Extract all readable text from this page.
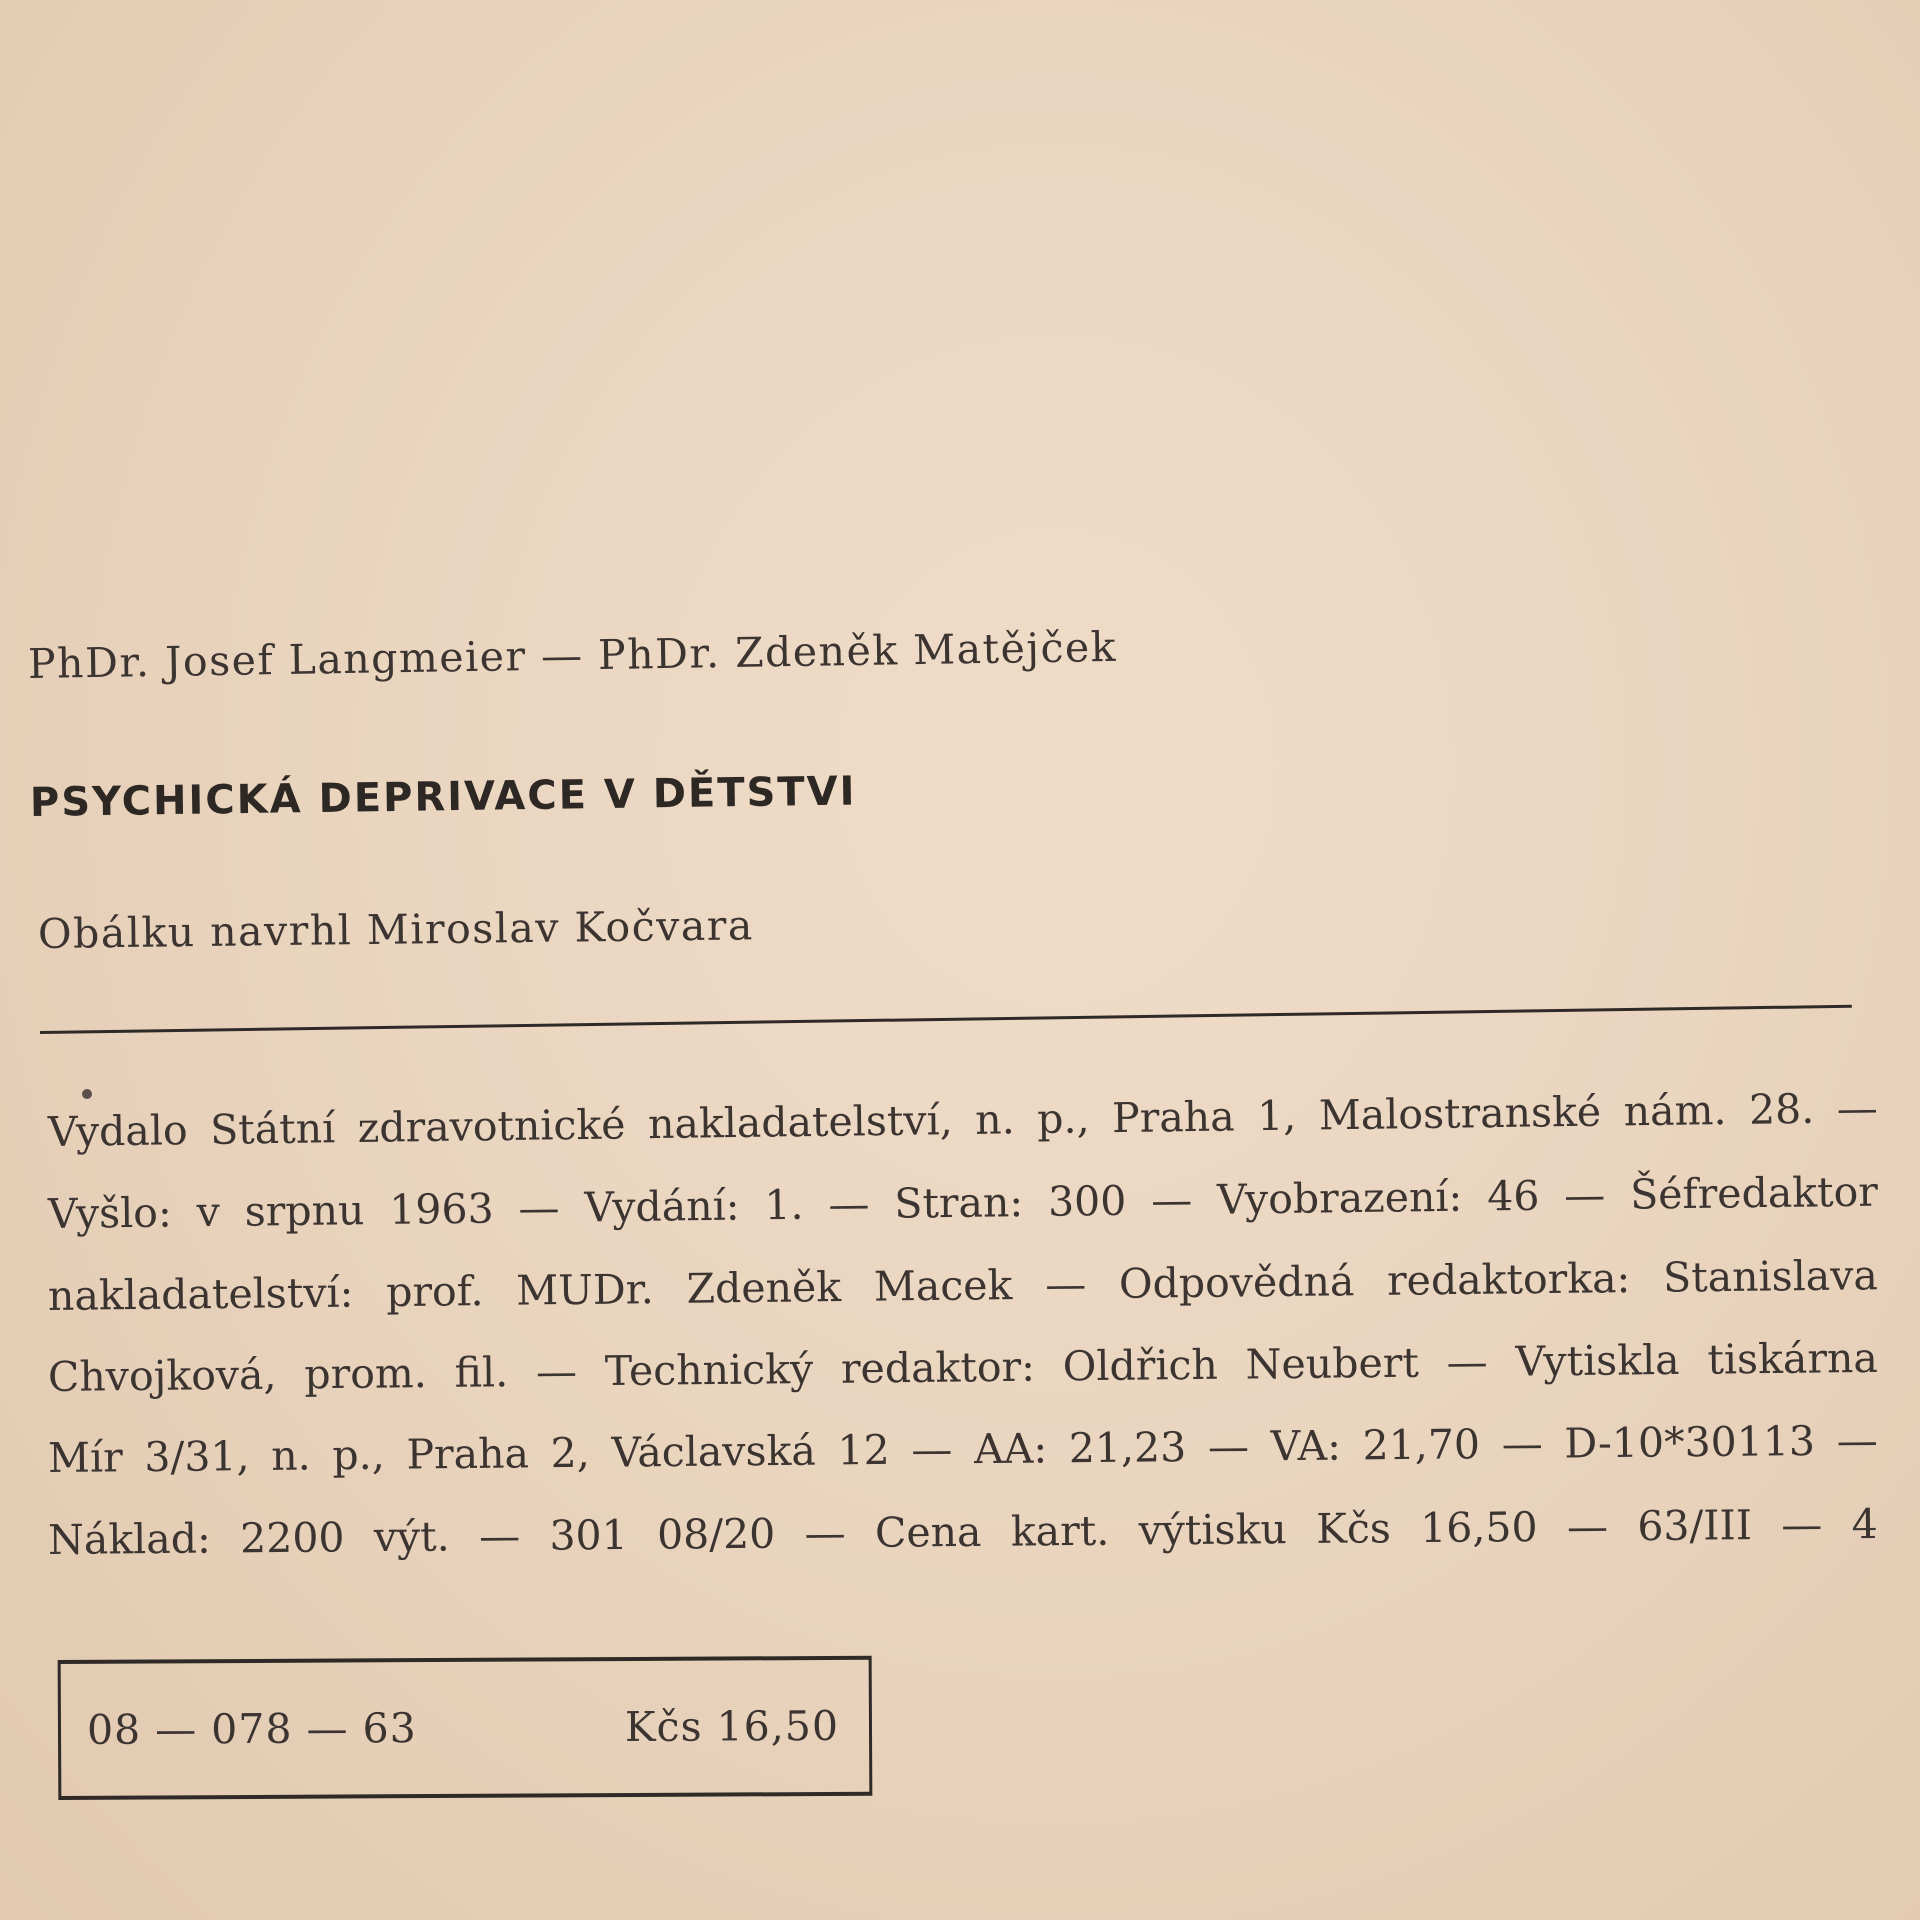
PhDr. Josef Langmeier — PhDr. Zdeněk Matějček
PSYCHICKÁ DEPRIVACE V DĚTSTVI
Obálku navrhl Miroslav Kočvara
Vydalo Státní zdravotnické nakladatelství, n. p., Praha 1, Malostranské nám. 28. —
Vyšlo: v srpnu 1963 — Vydání: 1. — Stran: 300 — Vyobrazení: 46 — Šéfredaktor
nakladatelství: prof. MUDr. Zdeněk Macek — Odpovědná redaktorka: Stanislava
Chvojková, prom. fil. — Technický redaktor: Oldřich Neubert — Vytiskla tiskárna
Mír 3/31, n. p., Praha 2, Václavská 12 — AA: 21,23 — VA: 21,70 — D-10*30113 —
Náklad: 2200 výt. — 301 08/20 — Cena kart. výtisku Kčs 16,50 — 63/III — 4
08 — 078 — 63	Kčs 16,50
